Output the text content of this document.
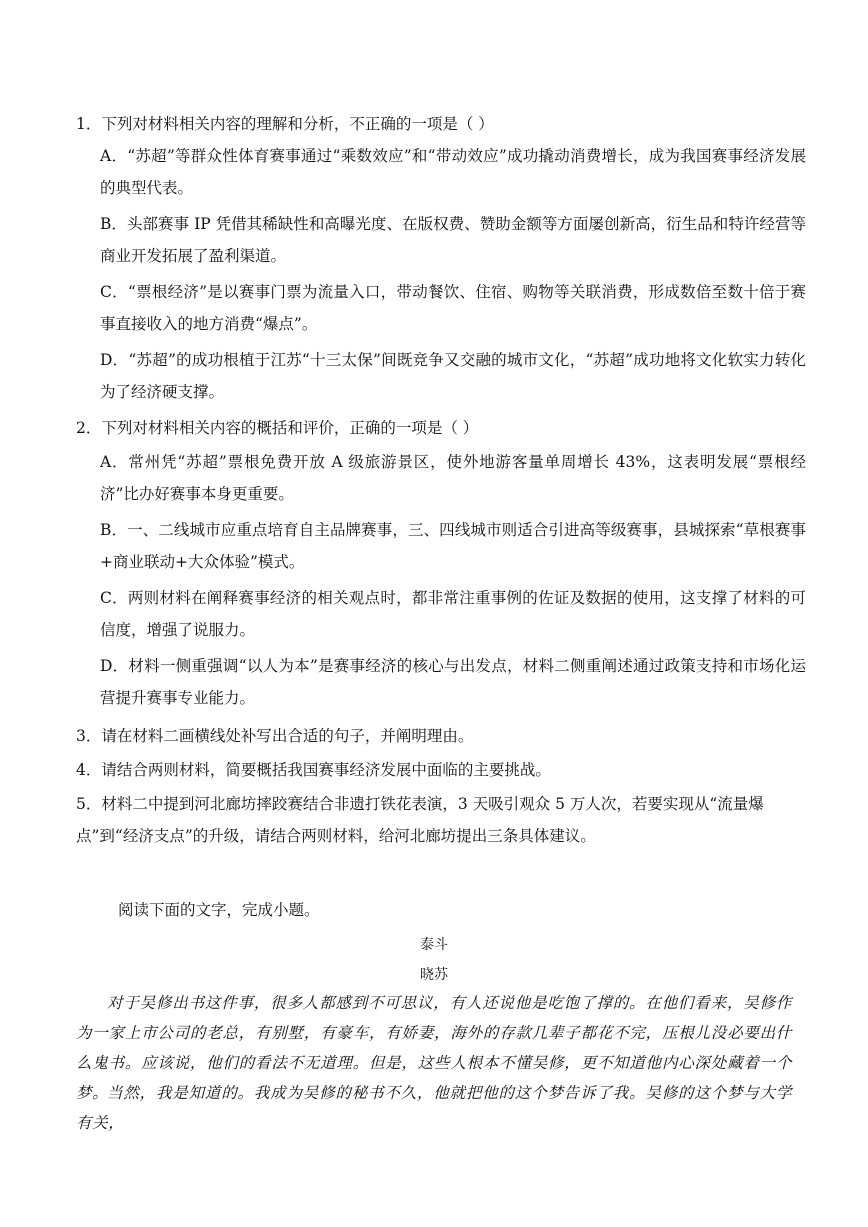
1．下列对材料相关内容的理解和分析，不正确的一项是（ ）

A．“苏超”等群众性体育赛事通过“乘数效应”和“带动效应”成功撬动消费增长，成为我国赛事经济发展的典型代表。

B．头部赛事 IP 凭借其稀缺性和高曝光度、在版权费、赞助金额等方面屡创新高，衍生品和特许经营等商业开发拓展了盈利渠道。

C．“票根经济”是以赛事门票为流量入口，带动餐饮、住宿、购物等关联消费，形成数倍至数十倍于赛事直接收入的地方消费“爆点”。

D．“苏超”的成功根植于江苏“十三太保”间既竞争又交融的城市文化，“苏超”成功地将文化软实力转化为了经济硬支撑。

2．下列对材料相关内容的概括和评价，正确的一项是（ ）

A．常州凭“苏超”票根免费开放 A 级旅游景区，使外地游客量单周增长 43%，这表明发展“票根经济”比办好赛事本身更重要。

B．一、二线城市应重点培育自主品牌赛事，三、四线城市则适合引进高等级赛事，县城探索“草根赛事+商业联动+大众体验”模式。

C．两则材料在阐释赛事经济的相关观点时，都非常注重事例的佐证及数据的使用，这支撑了材料的可信度，增强了说服力。

D．材料一侧重强调“以人为本”是赛事经济的核心与出发点，材料二侧重阐述通过政策支持和市场化运营提升赛事专业能力。

3．请在材料二画横线处补写出合适的句子，并阐明理由。

4．请结合两则材料，简要概括我国赛事经济发展中面临的主要挑战。

5．材料二中提到河北廊坊摔跤赛结合非遗打铁花表演，3 天吸引观众 5 万人次，若要实现从“流量爆点”到“经济支点”的升级，请结合两则材料，给河北廊坊提出三条具体建议。

阅读下面的文字，完成小题。

泰斗

晓苏

对于吴修出书这件事，很多人都感到不可思议，有人还说他是吃饱了撑的。在他们看来，吴修作为一家上市公司的老总，有别墅，有豪车，有娇妻，海外的存款几辈子都花不完，压根儿没必要出什么鬼书。应该说，他们的看法不无道理。但是，这些人根本不懂吴修，更不知道他内心深处藏着一个梦。

当然，我是知道的。我成为吴修的秘书不久，他就把他的这个梦告诉了我。吴修的这个梦与大学有关，
